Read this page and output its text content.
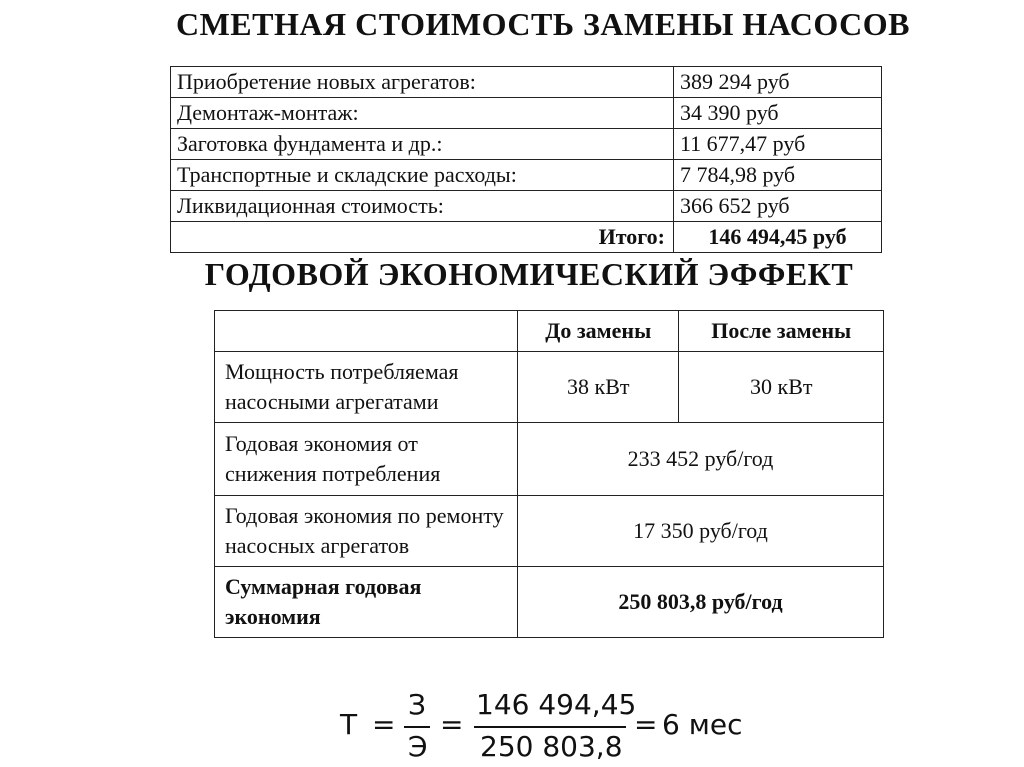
СМЕТНАЯ СТОИМОСТЬ ЗАМЕНЫ НАСОСОВ
Приобретение новых агрегатов:	389 294 руб
Демонтаж-монтаж:	34 390 руб
Заготовка фундамента и др.:	11 677,47 руб
Транспортные и складские расходы:	7 784,98 руб
Ликвидационная стоимость:	366 652 руб
Итого:	146 494,45 руб
ГОДОВОЙ ЭКОНОМИЧЕСКИЙ ЭФФЕКТ
	До замены	После замены
Мощность потребляемая насосными агрегатами	38 кВт	30 кВт
Годовая экономия от снижения потребления	233 452 руб/год	
Годовая экономия по ремонту насосных агрегатов	17 350 руб/год	
Суммарная годовая экономия	250 803,8 руб/год	
Т =
З
Э
=
146 494,45
250 803,8
= 6 мес
